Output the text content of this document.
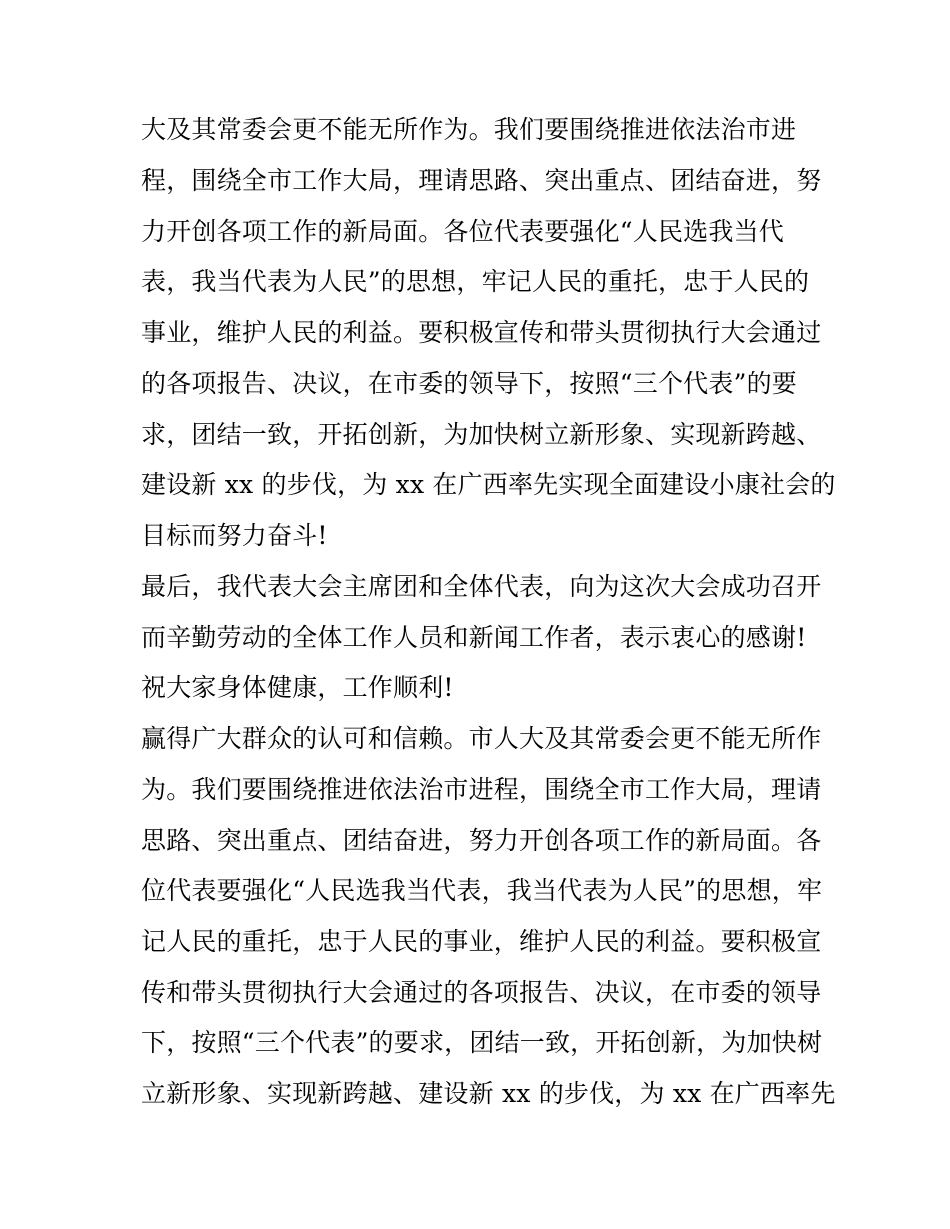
大及其常委会更不能无所作为。我们要围绕推进依法治市进
程，围绕全市工作大局，理请思路、突出重点、团结奋进，努
力开创各项工作的新局面。各位代表要强化“人民选我当代
表，我当代表为人民”的思想，牢记人民的重托，忠于人民的
事业，维护人民的利益。要积极宣传和带头贯彻执行大会通过
的各项报告、决议，在市委的领导下，按照“三个代表”的要
求，团结一致，开拓创新，为加快树立新形象、实现新跨越、
建设新 xx 的步伐，为 xx 在广西率先实现全面建设小康社会的
目标而努力奋斗!
最后，我代表大会主席团和全体代表，向为这次大会成功召开
而辛勤劳动的全体工作人员和新闻工作者，表示衷心的感谢!
祝大家身体健康，工作顺利!
赢得广大群众的认可和信赖。市人大及其常委会更不能无所作
为。我们要围绕推进依法治市进程，围绕全市工作大局，理请
思路、突出重点、团结奋进，努力开创各项工作的新局面。各
位代表要强化“人民选我当代表，我当代表为人民”的思想，牢
记人民的重托，忠于人民的事业，维护人民的利益。要积极宣
传和带头贯彻执行大会通过的各项报告、决议，在市委的领导
下，按照“三个代表”的要求，团结一致，开拓创新，为加快树
立新形象、实现新跨越、建设新 xx 的步伐，为 xx 在广西率先
